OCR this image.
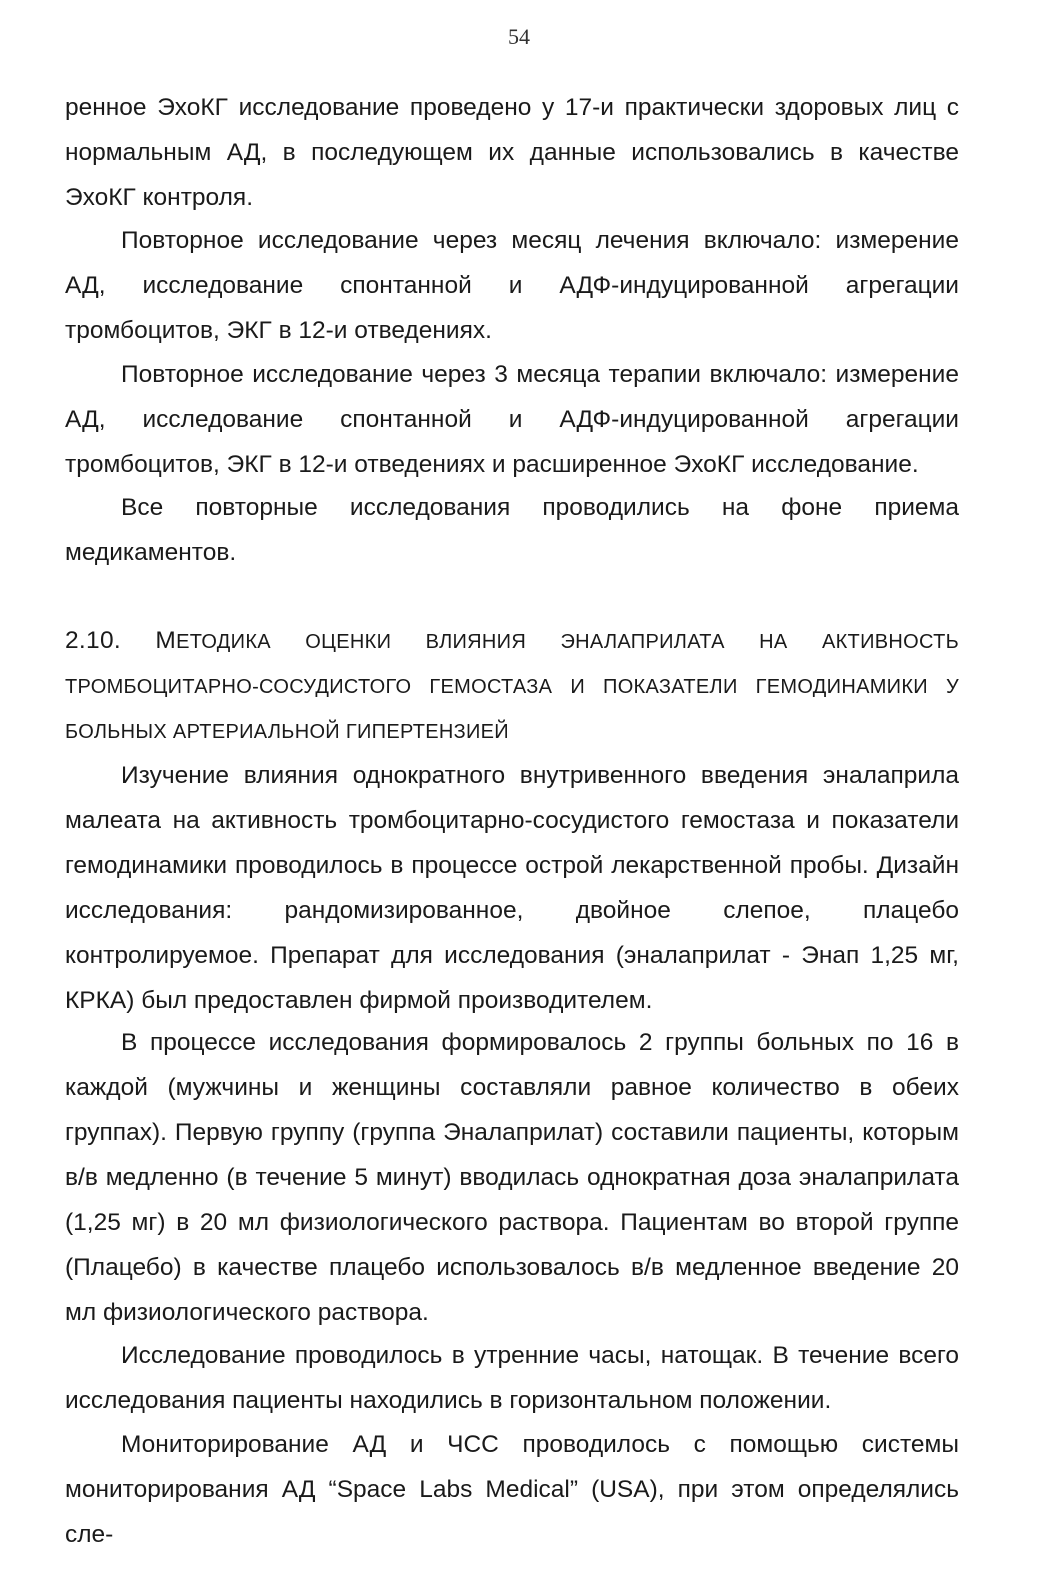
54

ренное ЭхоКГ исследование проведено у 17-и практически здоровых лиц с нормальным АД, в последующем их данные использовались в качестве ЭхоКГ контроля.

Повторное исследование через месяц лечения включало: измерение АД, исследование спонтанной и АДФ-индуцированной агрегации тромбоцитов, ЭКГ в 12-и отведениях.

Повторное исследование через 3 месяца терапии включало: измерение АД, исследование спонтанной и АДФ-индуцированной агрегации тромбоцитов, ЭКГ в 12-и отведениях и расширенное ЭхоКГ исследование.

Все повторные исследования проводились на фоне приема медикаментов.

2.10. МЕТОДИКА ОЦЕНКИ ВЛИЯНИЯ ЭНАЛАПРИЛАТА НА АКТИВНОСТЬ ТРОМБОЦИТАРНО-СОСУДИСТОГО ГЕМОСТАЗА И ПОКАЗАТЕЛИ ГЕМОДИНАМИКИ У БОЛЬНЫХ АРТЕРИАЛЬНОЙ ГИПЕРТЕНЗИЕЙ

Изучение влияния однократного внутривенного введения эналаприла малеата на активность тромбоцитарно-сосудистого гемостаза и показатели гемодинамики проводилось в процессе острой лекарственной пробы. Дизайн исследования: рандомизированное, двойное слепое, плацебо контролируемое. Препарат для исследования (эналаприлат - Энап 1,25 мг, КРКА) был предоставлен фирмой производителем.

В процессе исследования формировалось 2 группы больных по 16 в каждой (мужчины и женщины составляли равное количество в обеих группах). Первую группу (группа Эналаприлат) составили пациенты, которым в/в медленно (в течение 5 минут) вводилась однократная доза эналаприлата (1,25 мг) в 20 мл физиологического раствора. Пациентам во второй группе (Плацебо) в качестве плацебо использовалось в/в медленное введение 20 мл физиологического раствора.

Исследование проводилось в утренние часы, натощак. В течение всего исследования пациенты находились в горизонтальном положении.

Мониторирование АД и ЧСС проводилось с помощью системы мониторирования АД “Space Labs Medical” (USA), при этом определялись сле-
